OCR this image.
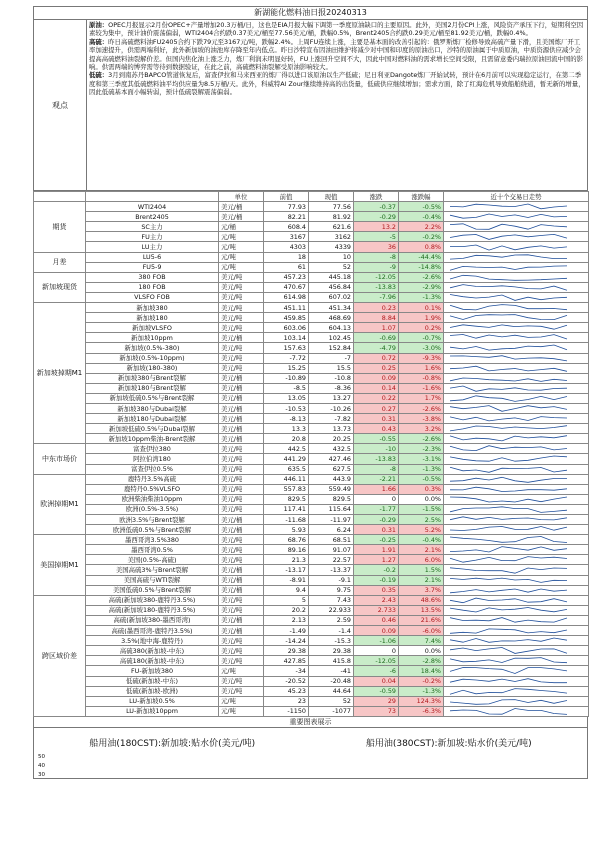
新湖能化燃料油日报20240313
观点
原油：OPEC月报显示2月份OPEC+产量增加20.3万桶/日，这也是EIA月报大幅下调第一季度原油缺口的主要原因。此外，美国2月份CPI上涨，风险资产承压下行，短期利空因素较为集中，预计油价震荡偏弱，WTI2404合约跌0.37美元/桶至77.56美元/桶，跌幅0.5%，Brent2405合约跌0.29美元/桶至81.92美元/桶，跌幅0.4%。
高硫：昨日高硫燃料油FU2405合约下跌79元至3167元/吨，跌幅2.4%。上周FU连续上涨，主要是基本面的改善引起的：俄罗斯炼厂检修导致高硫产量下滑，且美国炼厂开工率加速提升，供需两端利好，此外新加坡的油池库存降至年内低点。昨日沙特宣布因油田维护将减少对中国和印度的原油出口，沙特的原油属于中质原油，中质资源供应减少会提高高硫燃料油裂解价差。但国内焦化油上涨乏力，炼厂利润未明显好转，FU上涨回升空间不大，因此中国对燃料油的需求增长空间受限，且需留意委内瑞拉原油回流中国的影响。供需两端的博弈需等待到数据验证，在此之前，高硫燃料油裂解受原油影响较大。
低硫：3月到南苏丹BAPCO管道恢复后，富查伊拉和马来西亚的炼厂得以进口该原油以生产低硫；尼日利亚Dangote炼厂开始试转，预计在6月前可以实现稳定运行，在第二季度和第三季度其低硫燃料油平均供应量为8.5万桶/天。此外，科威特Al Zour继续维持高的出货量，低硫供应继续增加；需求方面，除了红海危机导致船舶绕道，暂无新的增量，因此低硫基本面小幅转弱，预计低硫裂解震荡偏弱。
		单位	前值	现值	涨跌	涨跌幅	近十个交易日走势
期货	WTI2404	美元/桶	77.93	77.56	-0.37	-0.5%	

	Brent2405	美元/桶	82.21	81.92	-0.29	-0.4%	

	SC主力	元/桶	608.4	621.6	13.2	2.2%	

	FU主力	元/吨	3167	3162	-5	-0.2%	

	LU主力	元/吨	4303	4339	36	0.8%	

月差	LU5-6	元/吨	18	10	-8	-44.4%	

	FU5-9	元/吨	61	52	-9	-14.8%	

新加坡现货	380 FOB	美元/吨	457.23	445.18	-12.05	-2.6%	

	180 FOB	美元/吨	470.67	456.84	-13.83	-2.9%	

	VLSFO FOB	美元/吨	614.98	607.02	-7.96	-1.3%	

新加坡掉期M1	新加坡380	美元/吨	451.11	451.34	0.23	0.1%	

	新加坡180	美元/吨	459.85	468.69	8.84	1.9%	

	新加坡VLSFO	美元/吨	603.06	604.13	1.07	0.2%	

	新加坡10ppm	美元/桶	103.14	102.45	-0.69	-0.7%	

	新加坡(0.5%-380)	美元/吨	157.63	152.84	-4.79	-3.0%	

	新加坡(0.5%-10ppm)	美元/吨	-7.72	-7	0.72	-9.3%	

	新加坡(180-380)	美元/吨	15.25	15.5	0.25	1.6%	

	新加坡380与Brent裂解	美元/桶	-10.89	-10.8	0.09	-0.8%	

	新加坡180与Brent裂解	美元/桶	-8.5	-8.36	0.14	-1.6%	

	新加坡低硫0.5%与Brent裂解	美元/桶	13.05	13.27	0.22	1.7%	

	新加坡380与Dubai裂解	美元/桶	-10.53	-10.26	0.27	-2.6%	

	新加坡180与Dubai裂解	美元/桶	-8.13	-7.82	0.31	-3.8%	

	新加坡低硫0.5%与Dubai裂解	美元/桶	13.3	13.73	0.43	3.2%	

	新加坡10ppm柴油-Brent裂解	美元/桶	20.8	20.25	-0.55	-2.6%	

中东市场价	富查伊拉380	美元/吨	442.5	432.5	-10	-2.3%	

	阿拉伯湾180	美元/吨	441.29	427.46	-13.83	-3.1%	

	富查伊拉0.5%	美元/吨	635.5	627.5	-8	-1.3%	

欧洲掉期M1	鹿特丹3.5%高硫	美元/吨	446.11	443.9	-2.21	-0.5%	

	鹿特丹0.5%VLSFO	美元/吨	557.83	559.49	1.66	0.3%	

	欧洲柴油柴油10ppm	美元/吨	829.5	829.5	0	0.0%	

	欧洲(0.5%-3.5%)	美元/吨	117.41	115.64	-1.77	-1.5%	

	欧洲3.5%与Brent裂解	美元/桶	-11.68	-11.97	-0.29	2.5%	

	欧洲低硫0.5%与Brent裂解	美元/桶	5.93	6.24	0.31	5.2%	

美国掉期M1	墨西哥湾3.5%380	美元/吨	68.76	68.51	-0.25	-0.4%	

	墨西哥湾0.5%	美元/吨	89.16	91.07	1.91	2.1%	

	美国(0.5%-高硫)	美元/吨	21.3	22.57	1.27	6.0%	

	美国高硫3%与Brent裂解	美元/桶	-13.17	-13.37	-0.2	1.5%	

	美国高硫与WTI裂解	美元/桶	-8.91	-9.1	-0.19	2.1%	

	美国低硫0.5%与Brent裂解	美元/桶	9.4	9.75	0.35	3.7%	

跨区域价差	高硫(新加坡380-鹿特丹3.5%)	美元/吨	5	7.43	2.43	48.6%	

	高硫(新加坡180-鹿特丹3.5%)	美元/吨	20.2	22.933	2.733	13.5%	

	高硫(新加坡380-墨西哥湾)	美元/桶	2.13	2.59	0.46	21.6%	

	高硫(墨西哥湾-鹿特丹3.5%)	美元/桶	-1.49	-1.4	0.09	-6.0%	

	3.5%(地中海-鹿特丹)	美元/吨	-14.24	-15.3	-1.06	7.4%	

	高硫380(新加坡-中东)	美元/吨	29.38	29.38	0	0.0%	

	高硫180(新加坡-中东)	美元/吨	427.85	415.8	-12.05	-2.8%	

	FU-新加坡380	元/吨	-34	-41	-6	18.4%	

	低硫(新加坡-中东)	美元/吨	-20.52	-20.48	0.04	-0.2%	

	低硫(新加坡-欧洲)	美元/吨	45.23	44.64	-0.59	-1.3%	

	LU-新加坡0.5%	元/吨	23	52	29	124.3%	

	LU-新加坡10ppm	元/吨	-1150	-1077	73	-6.3%	
重要图表展示
船用油(180CST):新加坡:贴水价(美元/吨)
50
40
30
船用油(380CST):新加坡:贴水价(美元/吨)
